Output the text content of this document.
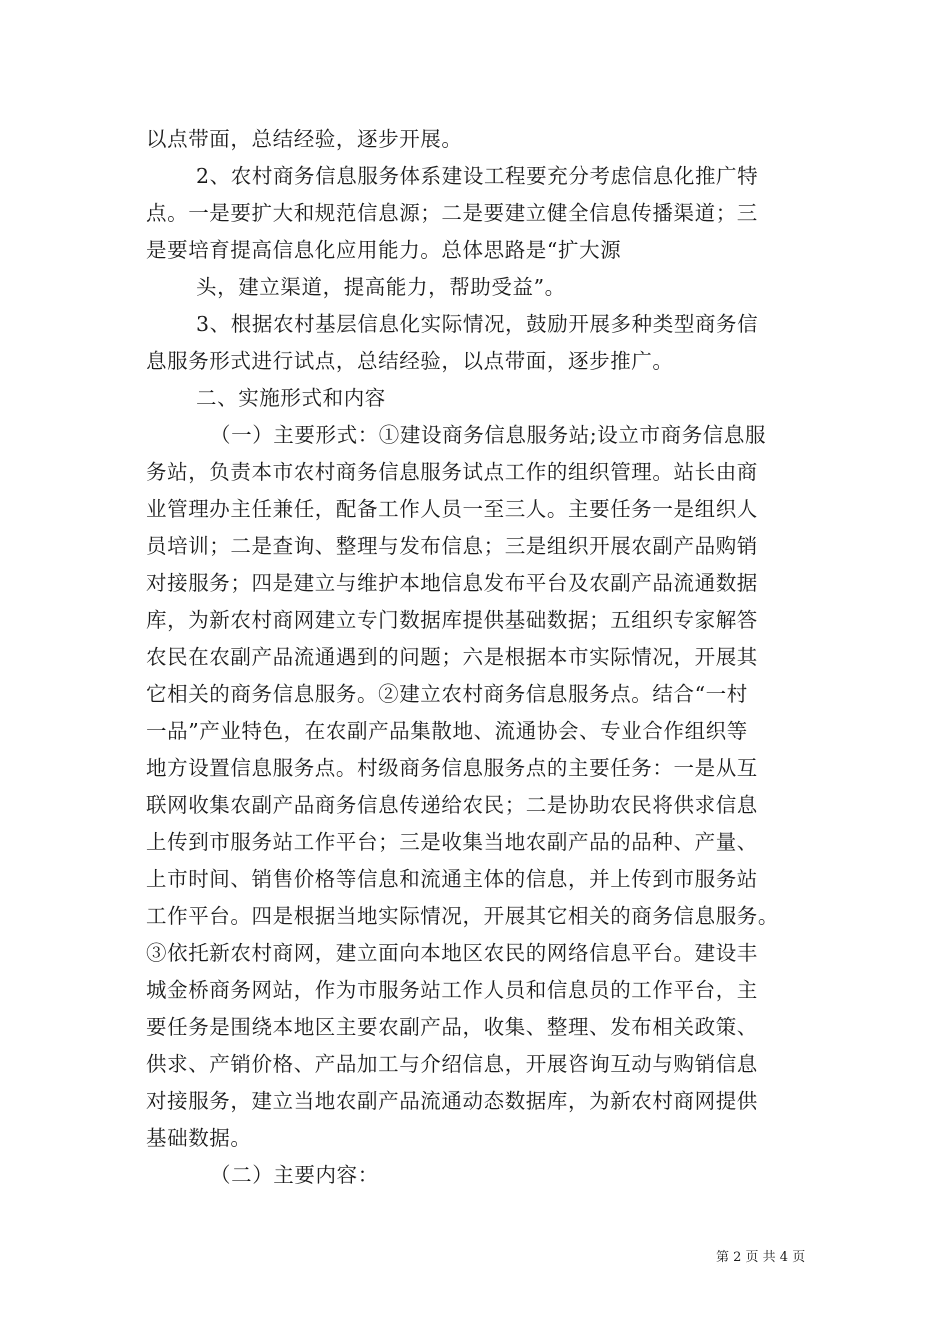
以点带面，总结经验，逐步开展。
2、农村商务信息服务体系建设工程要充分考虑信息化推广特
点。一是要扩大和规范信息源；二是要建立健全信息传播渠道；三
是要培育提高信息化应用能力。总体思路是“扩大源
头，建立渠道，提高能力，帮助受益”。
3、根据农村基层信息化实际情况，鼓励开展多种类型商务信
息服务形式进行试点，总结经验，以点带面，逐步推广。
二、实施形式和内容
（一）主要形式：①建设商务信息服务站;设立市商务信息服
务站，负责本市农村商务信息服务试点工作的组织管理。站长由商
业管理办主任兼任，配备工作人员一至三人。主要任务一是组织人
员培训；二是查询、整理与发布信息；三是组织开展农副产品购销
对接服务；四是建立与维护本地信息发布平台及农副产品流通数据
库，为新农村商网建立专门数据库提供基础数据；五组织专家解答
农民在农副产品流通遇到的问题；六是根据本市实际情况，开展其
它相关的商务信息服务。②建立农村商务信息服务点。结合“一村
一品”产业特色，在农副产品集散地、流通协会、专业合作组织等
地方设置信息服务点。村级商务信息服务点的主要任务：一是从互
联网收集农副产品商务信息传递给农民；二是协助农民将供求信息
上传到市服务站工作平台；三是收集当地农副产品的品种、产量、
上市时间、销售价格等信息和流通主体的信息，并上传到市服务站
工作平台。四是根据当地实际情况，开展其它相关的商务信息服务。
③依托新农村商网，建立面向本地区农民的网络信息平台。建设丰
城金桥商务网站，作为市服务站工作人员和信息员的工作平台，主
要任务是围绕本地区主要农副产品，收集、整理、发布相关政策、
供求、产销价格、产品加工与介绍信息，开展咨询互动与购销信息
对接服务，建立当地农副产品流通动态数据库，为新农村商网提供
基础数据。
（二）主要内容：
第 2 页 共 4 页
